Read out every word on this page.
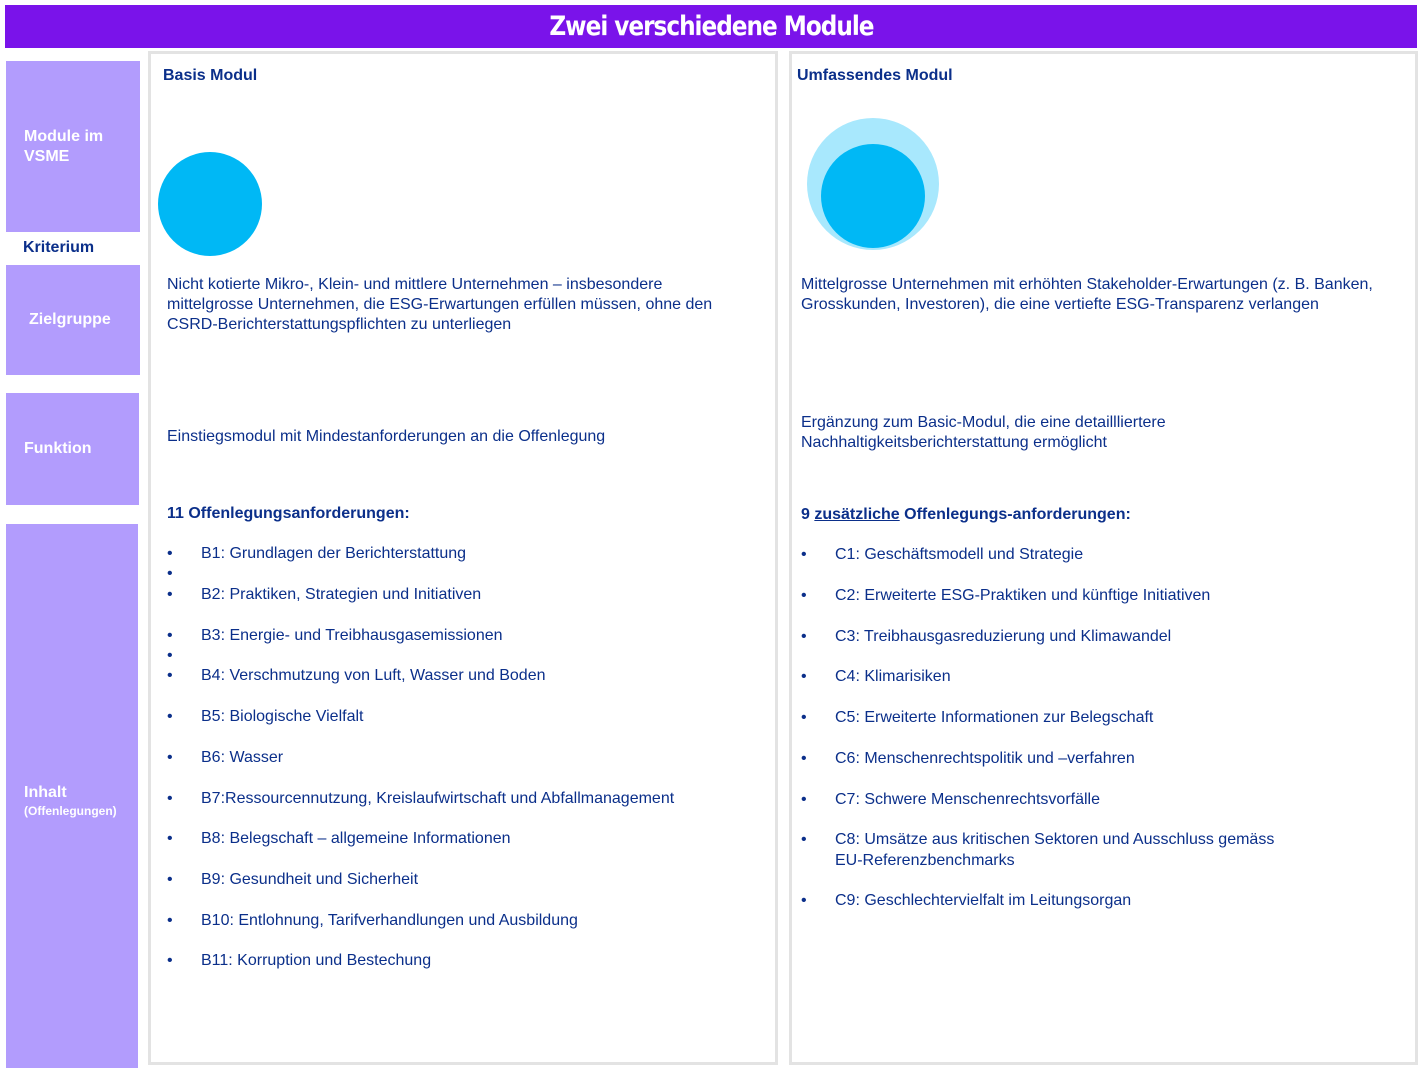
Zwei verschiedene Module
Module im VSME
Kriterium
Zielgruppe
Funktion
Inhalt
(Offenlegungen)
Basis Modul
Nicht kotierte Mikro-, Klein- und mittlere Unternehmen – insbesondere
mittelgrosse Unternehmen, die ESG-Erwartungen erfüllen müssen, ohne den
CSRD-Berichterstattungspflichten zu unterliegen
Einstiegsmodul mit Mindestanforderungen an die Offenlegung
11 Offenlegungsanforderungen:
• B1: Grundlagen der Berichterstattung
•
• B2: Praktiken, Strategien und Initiativen
• B3: Energie- und Treibhausgasemissionen
•
• B4: Verschmutzung von Luft, Wasser und Boden
• B5: Biologische Vielfalt
• B6: Wasser
• B7:Ressourcennutzung, Kreislaufwirtschaft und Abfallmanagement
• B8: Belegschaft – allgemeine Informationen
• B9: Gesundheit und Sicherheit
• B10: Entlohnung, Tarifverhandlungen und Ausbildung
• B11: Korruption und Bestechung
Umfassendes Modul
Mittelgrosse Unternehmen mit erhöhten Stakeholder-Erwartungen (z. B. Banken,
Grosskunden, Investoren), die eine vertiefte ESG-Transparenz verlangen
Ergänzung zum Basic-Modul, die eine detaillliertere
Nachhaltigkeitsberichterstattung ermöglicht
9 zusätzliche Offenlegungs-anforderungen:
• C1: Geschäftsmodell und Strategie
• C2: Erweiterte ESG-Praktiken und künftige Initiativen
• C3: Treibhausgasreduzierung und Klimawandel
• C4: Klimarisiken
• C5: Erweiterte Informationen zur Belegschaft
• C6: Menschenrechtspolitik und –verfahren
• C7: Schwere Menschenrechtsvorfälle
• C8: Umsätze aus kritischen Sektoren und Ausschluss gemäss
EU-Referenzbenchmarks
• C9: Geschlechtervielfalt im Leitungsorgan
